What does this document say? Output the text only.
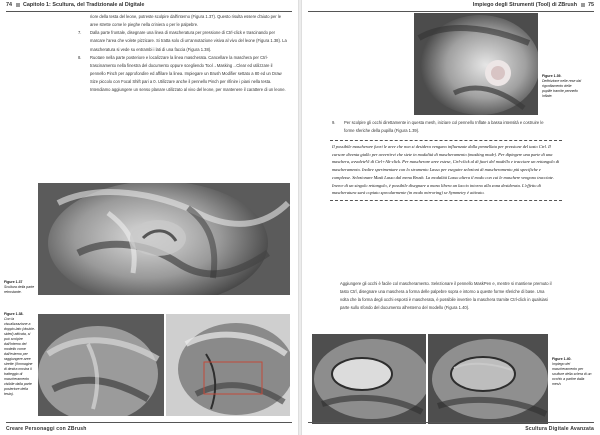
74 Capitolo 1: Scultura, del Tradizionale al Digitale

riore della testa del leone, potreste scolpire dall'interno (Figura 1.37). Questo risulta essere d'aiuto per le aree strette come le pieghe nella criniera o per le palpebre.

7.	Dalla parte frontale, disegnare una linea di mascheratura per pressione di Ctrl-click e trascinando per marcare l'area che volete pizzicare. Si tratta solo di un'annotazione visiva al vivo del leone (Figura 1.38). La mascheratura si vede su entrambi i lati di una faccia (Figura 1.38).
8.	Ruotare nella parte posteriore e localizzare la linea mascherata. Cancellare la maschera per Ctrl-trascinamento nella finestra del documento oppure scegliendo Tool→Masking→Clear ed utilizzare il pennello Pinch per approfondire ed affilare la linea. Impiegare un Brush Modifier settato a 80 ed un Draw Size piccolo con Focal Shift pari a 0. Utilizzare anche il pennello Pinch per rifinire i piani nella testa. Intendiamo aggiungere un senso planare utilizzato al vivo del leone, per mantenere il carattere di un leone.
Figure 1.37
Scultura della parte retrostante.
Figure 1.38.
Con la visualizzazione a doppio-lato (double-sided) attivata, si può scolpire dall'interno del modello come dall'esterno per raggiungere aree strette (l'immagine di destra mostra il tratteggio di mascheramento visibile dalla parte posteriore della testa).
Creare Personaggi con ZBrush
Impiego degli Strumenti (Tool) di ZBrush 75
Figure 1.39.
Definizione nelle rese dal rigonfiamento delle pupille tramite pennello Inflate.
9.	Per scolpire gli occhi direttamente in questa mesh, iniziare col pennello Inflate a bassa intensità e costruire le forme sferiche della pupilla (Figura 1.39).
Il possibile mascherare fuori le aree che non si desidera vengano influenzate dalla pennellata per pressione del tasto Ctrl. Il cursore diventa giallo per avvertirvi che siete in modalità di mascheramento (masking mode). Per dipingere una parte di una maschera, avvaleteVi di Ctrl+Alt-click. Per mascherare aree estese, Ctrl-click al di fuori del modello e tracciare un rettangolo di mascheramento. Inoltre sperimentare con lo strumento Lasso per eseguire selezioni di mascheramento più specifiche e complesse. Selezionare Mask Lasso dal menu Brush. La modalità Lasso altera il modo con cui le maschere vengono tracciate. Invece di un singolo rettangolo, è possibile disegnare a mano libera un laccio intorno alla zona desiderata. L'effetto di mascheratura sarà copiato specularmente (in modo mirroring) se Symmetry è attivato.
Aggiungere gli occhi è facile col mascheramento. Selezionare il pennello MaskPen e, mentre si mantiene premuto il tasto Ctrl, disegnare una maschera a forma delle palpebre sopra e intorno a queste forme sferiche di base. Una volta che la forma degli occhi esposti è mascherata, è possibile invertire la maschera tramite Ctrl-click in qualsiasi parte sullo sfondo del documento all'esterno del modello (Figura 1.40).
Figure 1.40.
Impiego del mascheramento per sculture della sclera di un occhio a partire dalla mesh.
Scultura Digitale Avanzata
